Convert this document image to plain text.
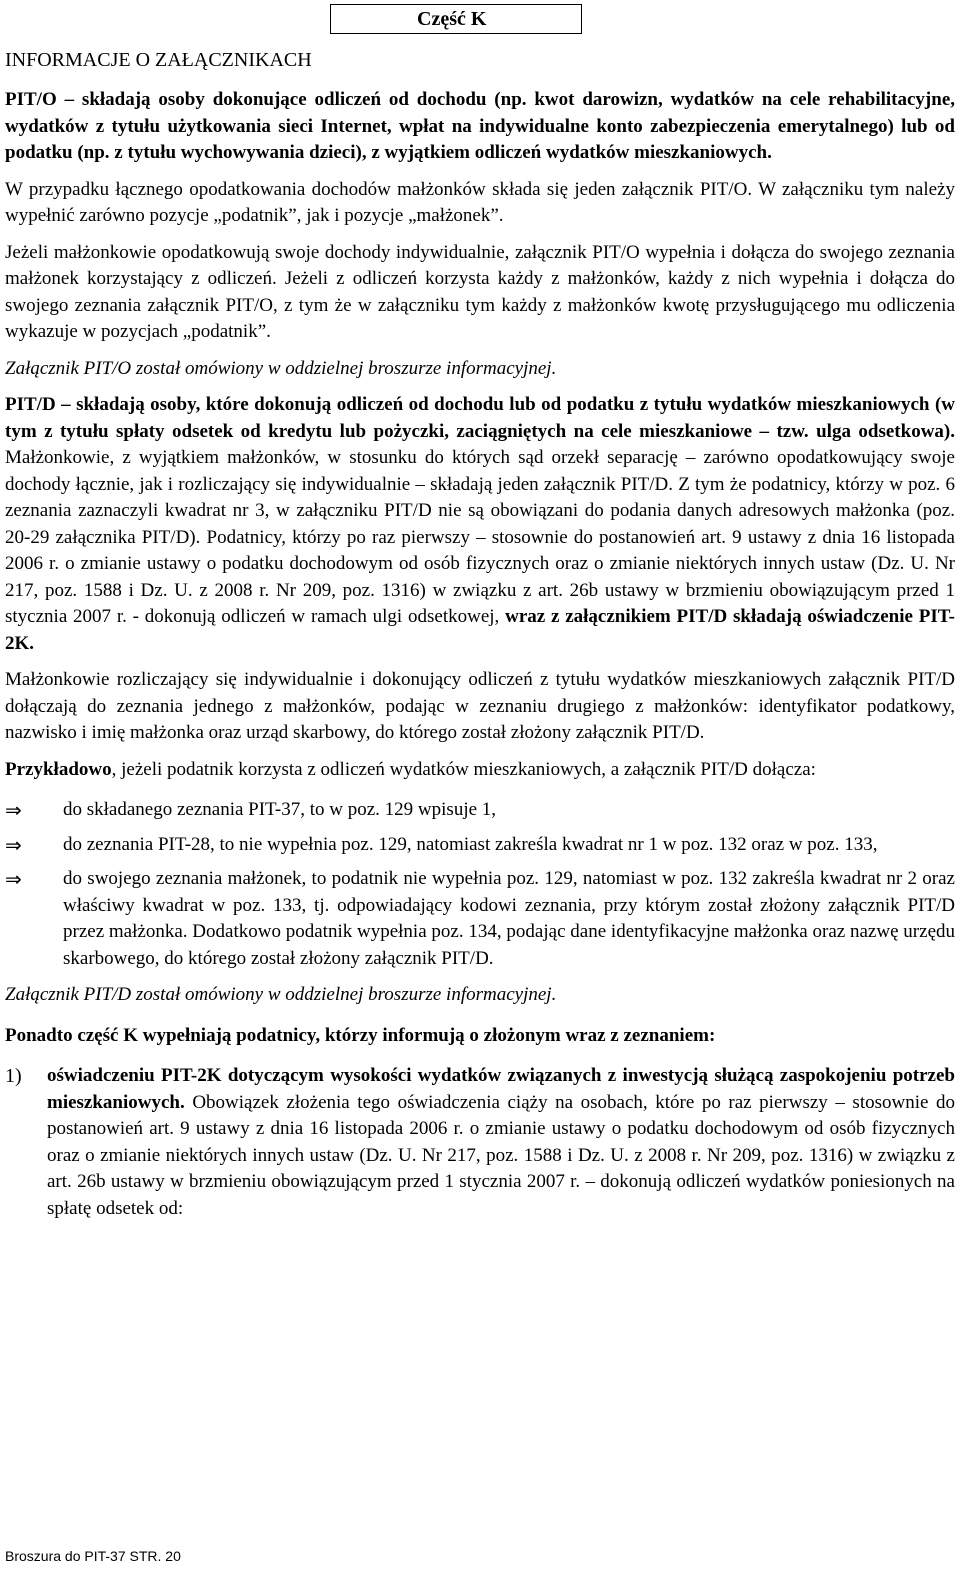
Część K
INFORMACJE O ZAŁĄCZNIKACH

PIT/O – składają osoby dokonujące odliczeń od dochodu (np. kwot darowizn, wydatków na cele rehabilitacyjne, wydatków z tytułu użytkowania sieci Internet, wpłat na indywidualne konto zabezpieczenia emerytalnego) lub od podatku (np. z tytułu wychowywania dzieci), z wyjątkiem odliczeń wydatków mieszkaniowych.

W przypadku łącznego opodatkowania dochodów małżonków składa się jeden załącznik PIT/O. W załączniku tym należy wypełnić zarówno pozycje „podatnik”, jak i pozycje „małżonek”.

Jeżeli małżonkowie opodatkowują swoje dochody indywidualnie, załącznik PIT/O wypełnia i dołącza do swojego zeznania małżonek korzystający z odliczeń. Jeżeli z odliczeń korzysta każdy z małżonków, każdy z nich wypełnia i dołącza do swojego zeznania załącznik PIT/O, z tym że w załączniku tym każdy z małżonków kwotę przysługującego mu odliczenia wykazuje w pozycjach „podatnik”.

Załącznik PIT/O został omówiony w oddzielnej broszurze informacyjnej.

PIT/D – składają osoby, które dokonują odliczeń od dochodu lub od podatku z tytułu wydatków mieszkaniowych (w tym z tytułu spłaty odsetek od kredytu lub pożyczki, zaciągniętych na cele mieszkaniowe – tzw. ulga odsetkowa). Małżonkowie, z wyjątkiem małżonków, w stosunku do których sąd orzekł separację – zarówno opodatkowujący swoje dochody łącznie, jak i rozliczający się indywidualnie – składają jeden załącznik PIT/D. Z tym że podatnicy, którzy w poz. 6 zeznania zaznaczyli kwadrat nr 3, w załączniku PIT/D nie są obowiązani do podania danych adresowych małżonka (poz. 20-29 załącznika PIT/D). Podatnicy, którzy po raz pierwszy – stosownie do postanowień art. 9 ustawy z dnia 16 listopada 2006 r. o zmianie ustawy o podatku dochodowym od osób fizycznych oraz o zmianie niektórych innych ustaw (Dz. U. Nr 217, poz. 1588 i Dz. U. z 2008 r. Nr 209, poz. 1316) w związku z art. 26b ustawy w brzmieniu obowiązującym przed 1 stycznia 2007 r. - dokonują odliczeń w ramach ulgi odsetkowej, wraz z załącznikiem PIT/D składają oświadczenie PIT-2K.

Małżonkowie rozliczający się indywidualnie i dokonujący odliczeń z tytułu wydatków mieszkaniowych załącznik PIT/D dołączają do zeznania jednego z małżonków, podając w zeznaniu drugiego z małżonków: identyfikator podatkowy, nazwisko i imię małżonka oraz urząd skarbowy, do którego został złożony załącznik PIT/D.

Przykładowo, jeżeli podatnik korzysta z odliczeń wydatków mieszkaniowych, a załącznik PIT/D dołącza:

⇒	do składanego zeznania PIT-37, to w poz. 129 wpisuje 1,
⇒	do zeznania PIT-28, to nie wypełnia poz. 129, natomiast zakreśla kwadrat nr 1 w poz. 132 oraz w poz. 133,
⇒	do swojego zeznania małżonek, to podatnik nie wypełnia poz. 129, natomiast w poz. 132 zakreśla kwadrat nr 2 oraz właściwy kwadrat w poz. 133, tj. odpowiadający kodowi zeznania, przy którym został złożony załącznik PIT/D przez małżonka. Dodatkowo podatnik wypełnia poz. 134, podając dane identyfikacyjne małżonka oraz nazwę urzędu skarbowego, do którego został złożony załącznik PIT/D.

Załącznik PIT/D został omówiony w oddzielnej broszurze informacyjnej.

Ponadto część K wypełniają podatnicy, którzy informują o złożonym wraz z zeznaniem:

1)	oświadczeniu PIT-2K dotyczącym wysokości wydatków związanych z inwestycją służącą zaspokojeniu potrzeb mieszkaniowych. Obowiązek złożenia tego oświadczenia ciąży na osobach, które po raz pierwszy – stosownie do postanowień art. 9 ustawy z dnia 16 listopada 2006 r. o zmianie ustawy o podatku dochodowym od osób fizycznych oraz o zmianie niektórych innych ustaw (Dz. U. Nr 217, poz. 1588 i Dz. U. z 2008 r. Nr 209, poz. 1316) w związku z art. 26b ustawy w brzmieniu obowiązującym przed 1 stycznia 2007 r. – dokonują odliczeń wydatków poniesionych na spłatę odsetek od:
Broszura do PIT-37 STR. 20
